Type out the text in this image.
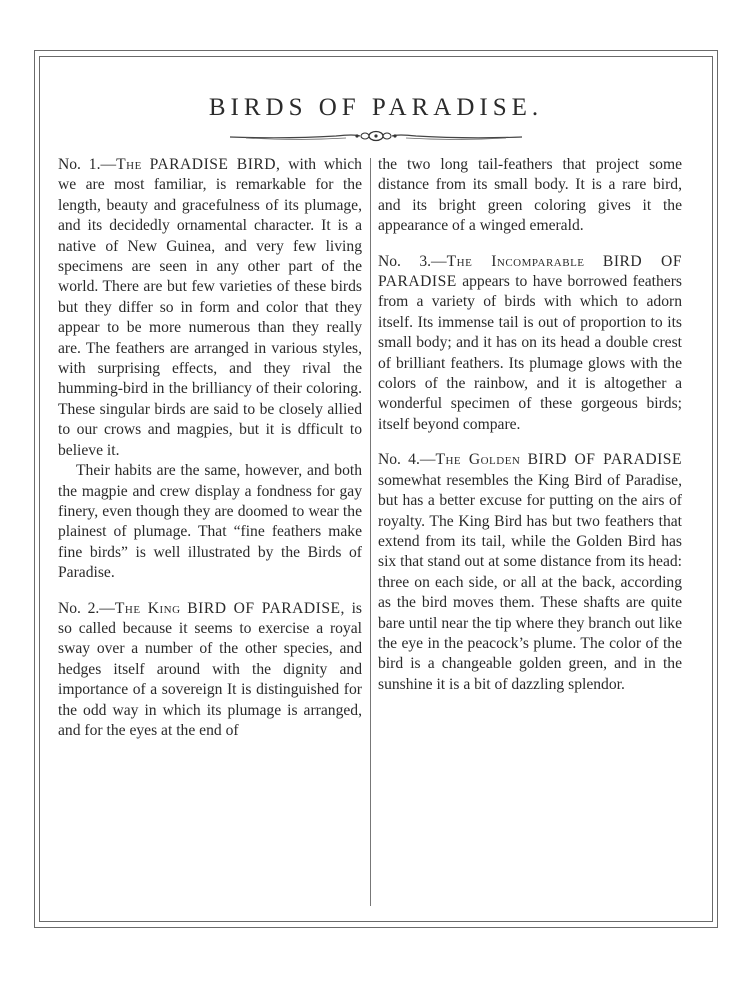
BIRDS OF PARADISE.

No. 1.—The PARADISE BIRD, with which we are most familiar, is remarkable for the length, beauty and gracefulness of its plumage, and its decidedly ornamental character. It is a native of New Guinea, and very few living specimens are seen in any other part of the world. There are but few varieties of these birds but they differ so in form and color that they appear to be more numerous than they really are. The feathers are arranged in various styles, with surprising effects, and they rival the humming-bird in the brilliancy of their coloring. These singular birds are said to be closely allied to our crows and magpies, but it is dfficult to believe it.

Their habits are the same, however, and both the magpie and crew display a fondness for gay finery, even though they are doomed to wear the plainest of plumage. That “fine feathers make fine birds” is well illustrated by the Birds of Paradise.

No. 2.—The King BIRD OF PARADISE, is so called because it seems to exercise a royal sway over a number of the other species, and hedges itself around with the dignity and importance of a sovereign It is distinguished for the odd way in which its plumage is arranged, and for the eyes at the end of

the two long tail-feathers that project some distance from its small body. It is a rare bird, and its bright green coloring gives it the appearance of a winged emerald.

No. 3.—The Incomparable BIRD OF PARADISE appears to have borrowed feathers from a variety of birds with which to adorn itself. Its immense tail is out of proportion to its small body; and it has on its head a double crest of brilliant feathers. Its plumage glows with the colors of the rainbow, and it is altogether a wonderful specimen of these gorgeous birds; itself beyond compare.

No. 4.—The Golden BIRD OF PARADISE somewhat resembles the King Bird of Paradise, but has a better excuse for putting on the airs of royalty. The King Bird has but two feathers that extend from its tail, while the Golden Bird has six that stand out at some distance from its head: three on each side, or all at the back, according as the bird moves them. These shafts are quite bare until near the tip where they branch out like the eye in the peacock’s plume. The color of the bird is a changeable golden green, and in the sunshine it is a bit of dazzling splendor.
